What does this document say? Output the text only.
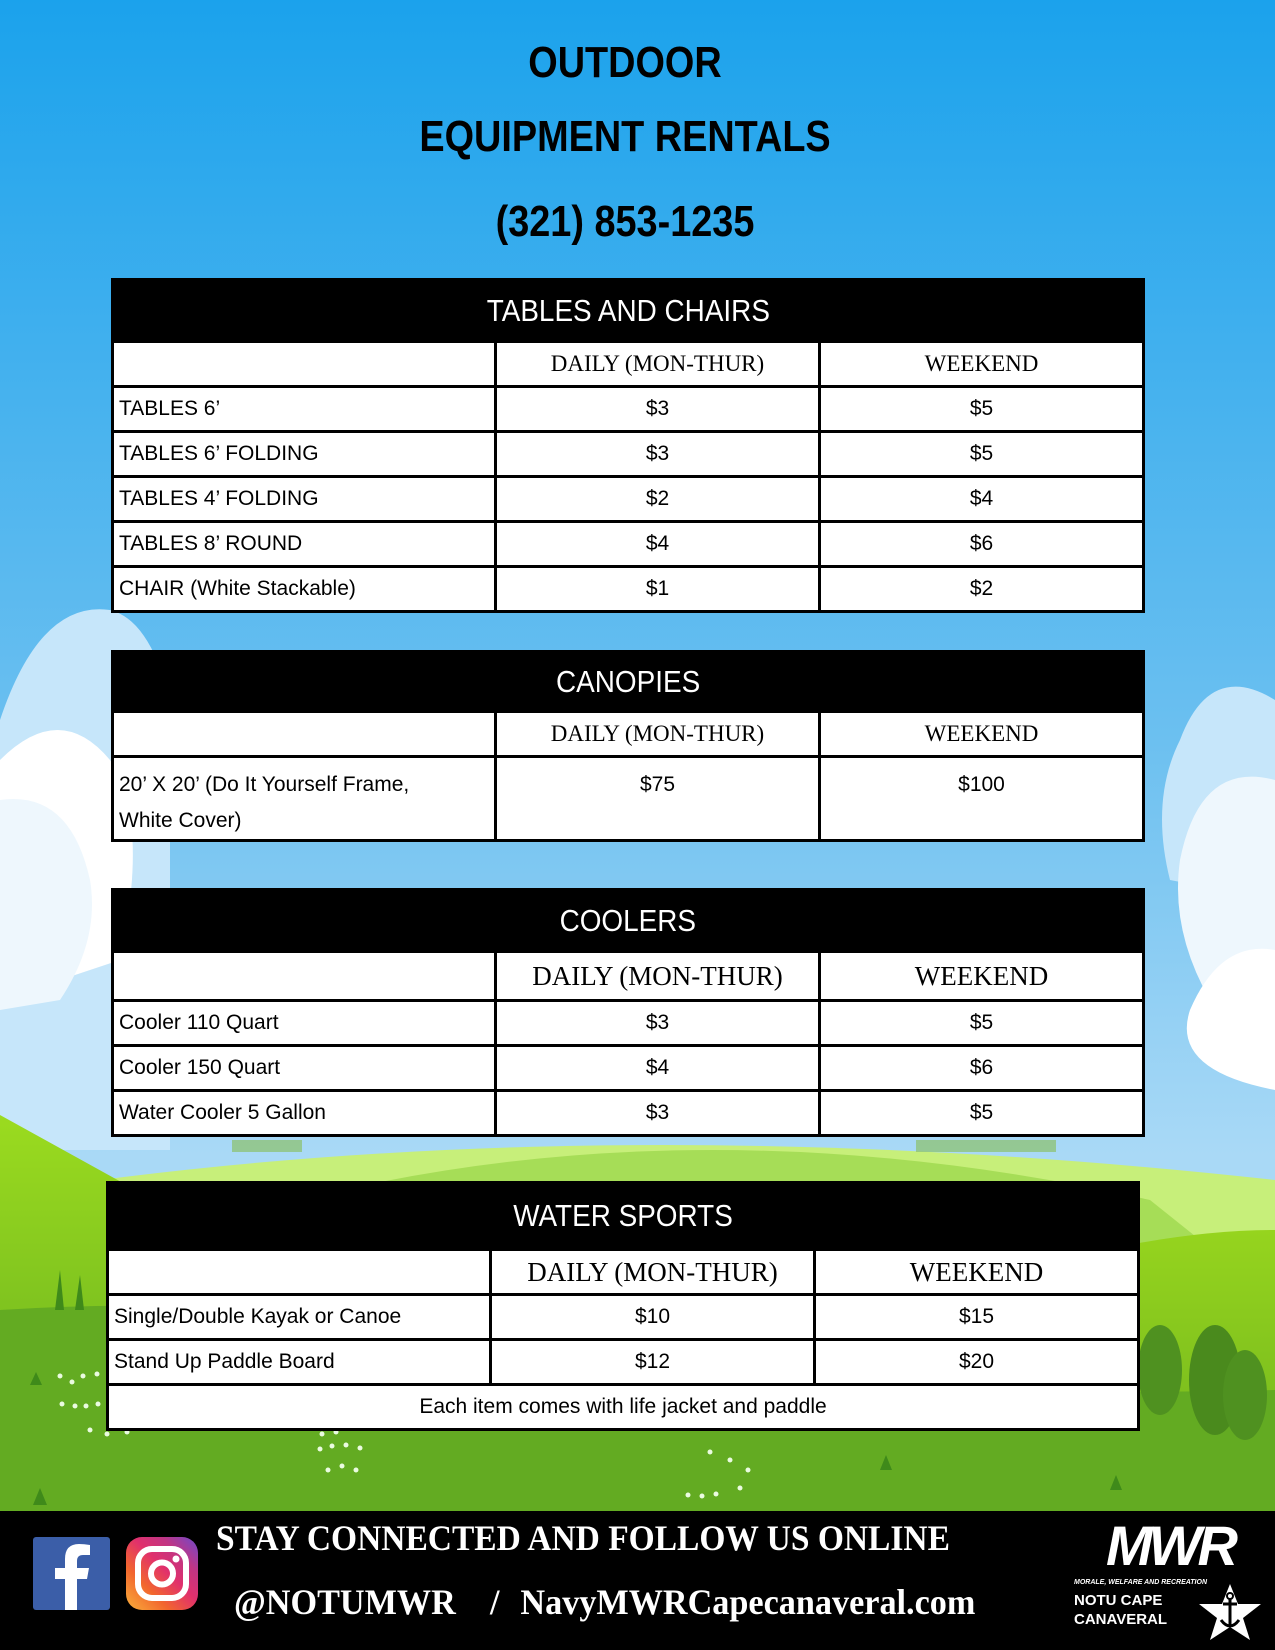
OUTDOOR
EQUIPMENT RENTALS
(321) 853-1235
TABLES AND CHAIRS		
	DAILY (MON-THUR)	WEEKEND
TABLES 6’	$3	$5
TABLES 6’ FOLDING	$3	$5
TABLES 4’ FOLDING	$2	$4
TABLES 8’ ROUND	$4	$6
CHAIR (White Stackable)	$1	$2
CANOPIES		
	DAILY (MON-THUR)	WEEKEND

20’ X 20’ (Do It Yourself Frame,
White Cover)	$75	$100
COOLERS		
	DAILY (MON-THUR)	WEEKEND
Cooler 110 Quart	$3	$5
Cooler 150 Quart	$4	$6
Water Cooler 5 Gallon	$3	$5
WATER SPORTS		
	DAILY (MON-THUR)	WEEKEND
Single/Double Kayak or Canoe	$10	$15
Stand Up Paddle Board	$12	$20
Each item comes with life jacket and paddle		
STAY CONNECTED AND FOLLOW US ONLINE
@NOTUMWR / NavyMWRCapecanaveral.com
MWR
MORALE, WELFARE AND RECREATION
NOTU CAPE
CANAVERAL
